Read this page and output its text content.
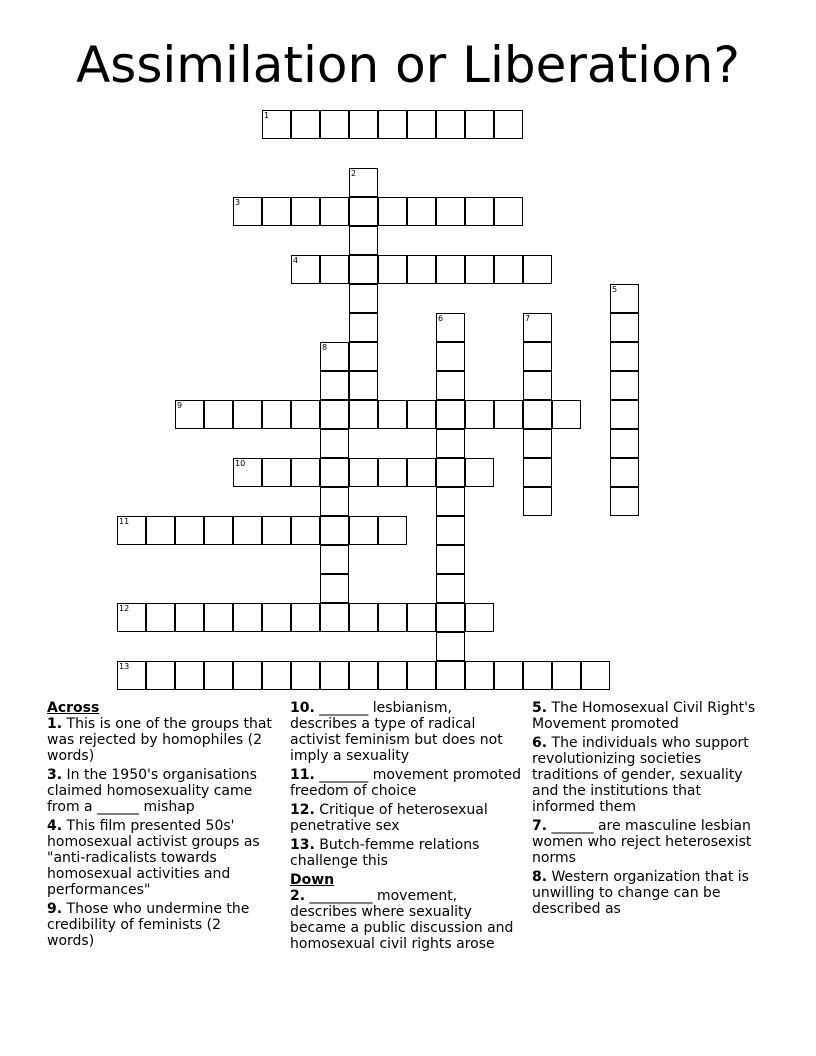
Assimilation or Liberation?
1
2
3
4
5
6	7
8
9
10
11
12
13
Across
1. This is one of the groups that was rejected by homophiles (2 words)
3. In the 1950's organisations claimed homosexuality came from a ______ mishap
4. This film presented 50s' homosexual activist groups as "anti-radicalists towards homosexual activities and performances"
9. Those who undermine the credibility of feminists (2 words)
10. _______ lesbianism, describes a type of radical activist feminism but does not imply a sexuality
11. _______ movement promoted freedom of choice
12. Critique of heterosexual penetrative sex
13. Butch-femme relations challenge this
Down
2. _________ movement, describes where sexuality became a public discussion and homosexual civil rights arose
5. The Homosexual Civil Right's Movement promoted
6. The individuals who support revolutionizing societies traditions of gender, sexuality and the institutions that informed them
7. ______ are masculine lesbian women who reject heterosexist norms
8. Western organization that is unwilling to change can be described as
